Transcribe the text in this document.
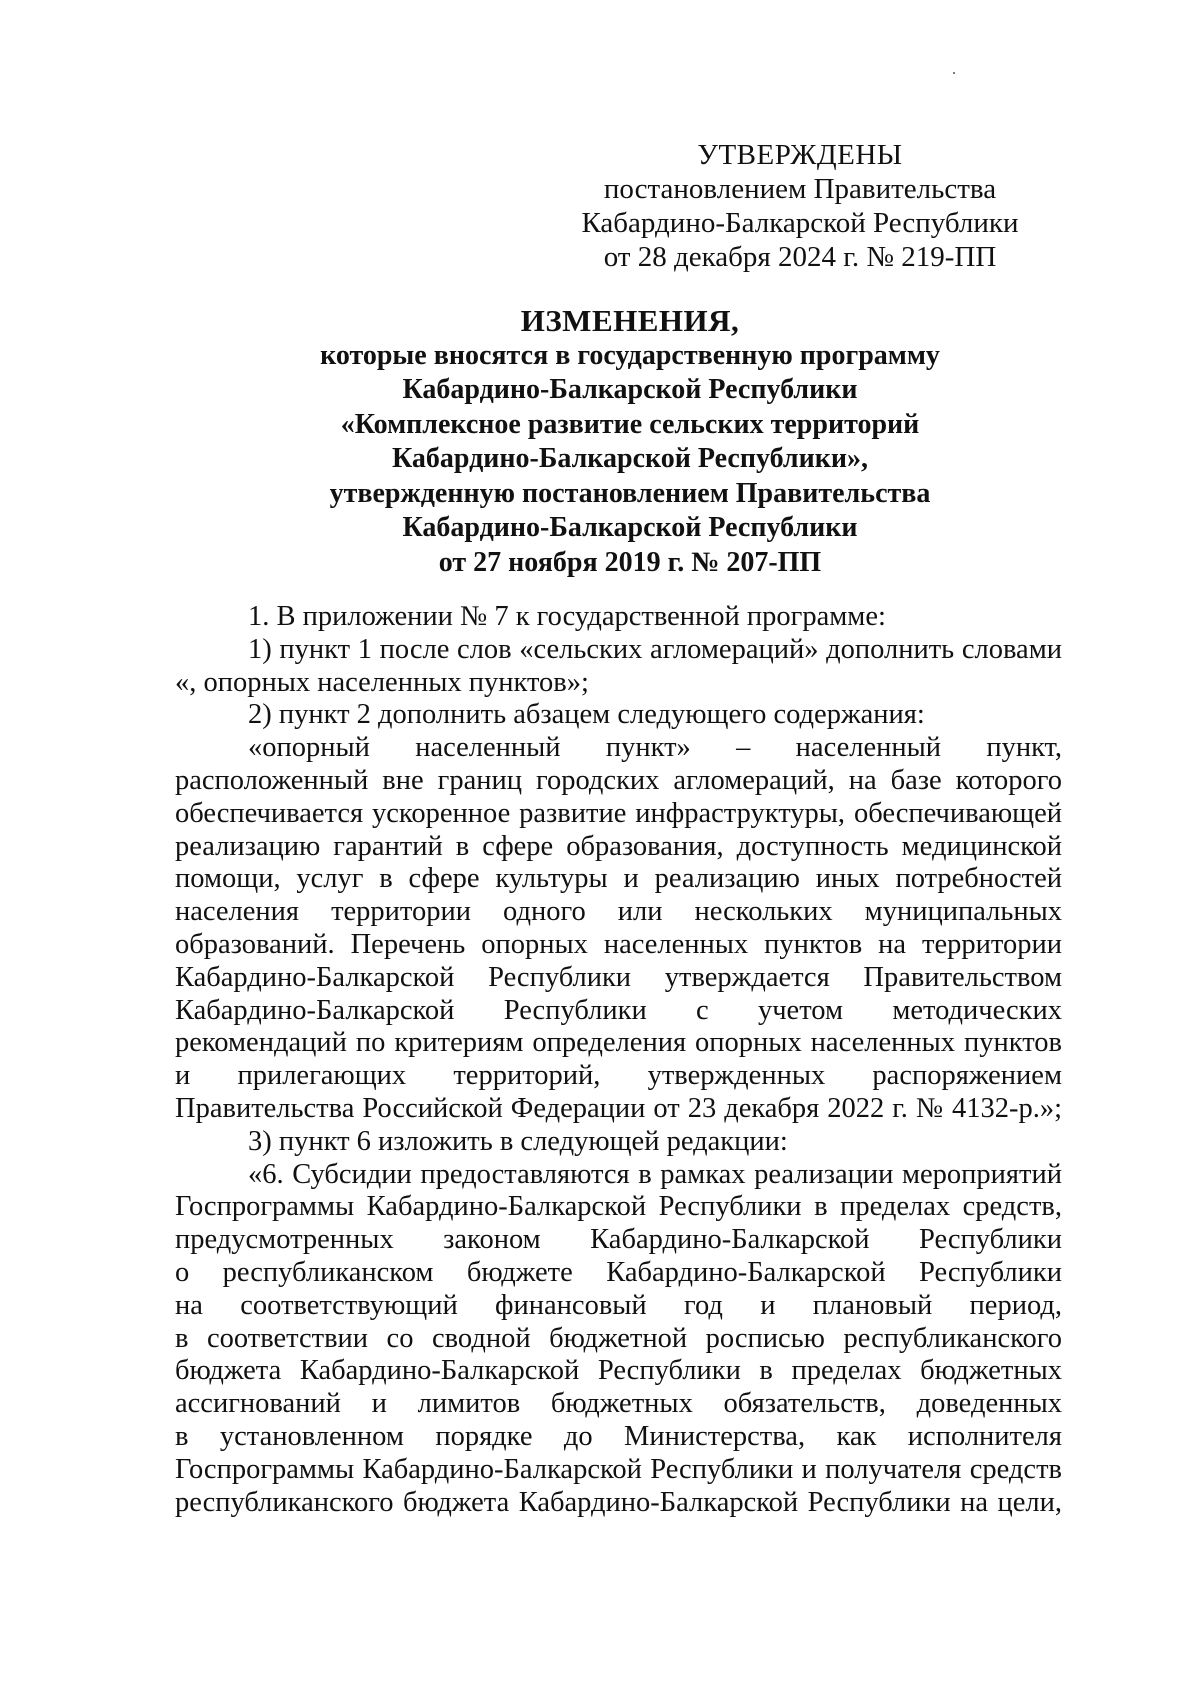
УТВЕРЖДЕНЫ
постановлением Правительства
Кабардино-Балкарской Республики
от 28 декабря 2024 г. № 219-ПП
ИЗМЕНЕНИЯ,
которые вносятся в государственную программу
Кабардино-Балкарской Республики
«Комплексное развитие сельских территорий
Кабардино-Балкарской Республики»,
утвержденную постановлением Правительства
Кабардино-Балкарской Республики
от 27 ноября 2019 г. № 207-ПП
1. В приложении № 7 к государственной программе:
1) пункт 1 после слов «сельских агломераций» дополнить словами
«, опорных населенных пунктов»;
2) пункт 2 дополнить абзацем следующего содержания:
«опорный населенный пункт» – населенный пункт,
расположенный вне границ городских агломераций, на базе которого
обеспечивается ускоренное развитие инфраструктуры, обеспечивающей
реализацию гарантий в сфере образования, доступность медицинской
помощи, услуг в сфере культуры и реализацию иных потребностей
населения территории одного или нескольких муниципальных
образований. Перечень опорных населенных пунктов на территории
Кабардино-Балкарской Республики утверждается Правительством
Кабардино-Балкарской Республики с учетом методических
рекомендаций по критериям определения опорных населенных пунктов
и прилегающих территорий, утвержденных распоряжением
Правительства Российской Федерации от 23 декабря 2022 г. № 4132-р.»;
3) пункт 6 изложить в следующей редакции:
«6. Субсидии предоставляются в рамках реализации мероприятий
Госпрограммы Кабардино-Балкарской Республики в пределах средств,
предусмотренных законом Кабардино-Балкарской Республики
о республиканском бюджете Кабардино-Балкарской Республики
на соответствующий финансовый год и плановый период,
в соответствии со сводной бюджетной росписью республиканского
бюджета Кабардино-Балкарской Республики в пределах бюджетных
ассигнований и лимитов бюджетных обязательств, доведенных
в установленном порядке до Министерства, как исполнителя
Госпрограммы Кабардино-Балкарской Республики и получателя средств
республиканского бюджета Кабардино-Балкарской Республики на цели,
